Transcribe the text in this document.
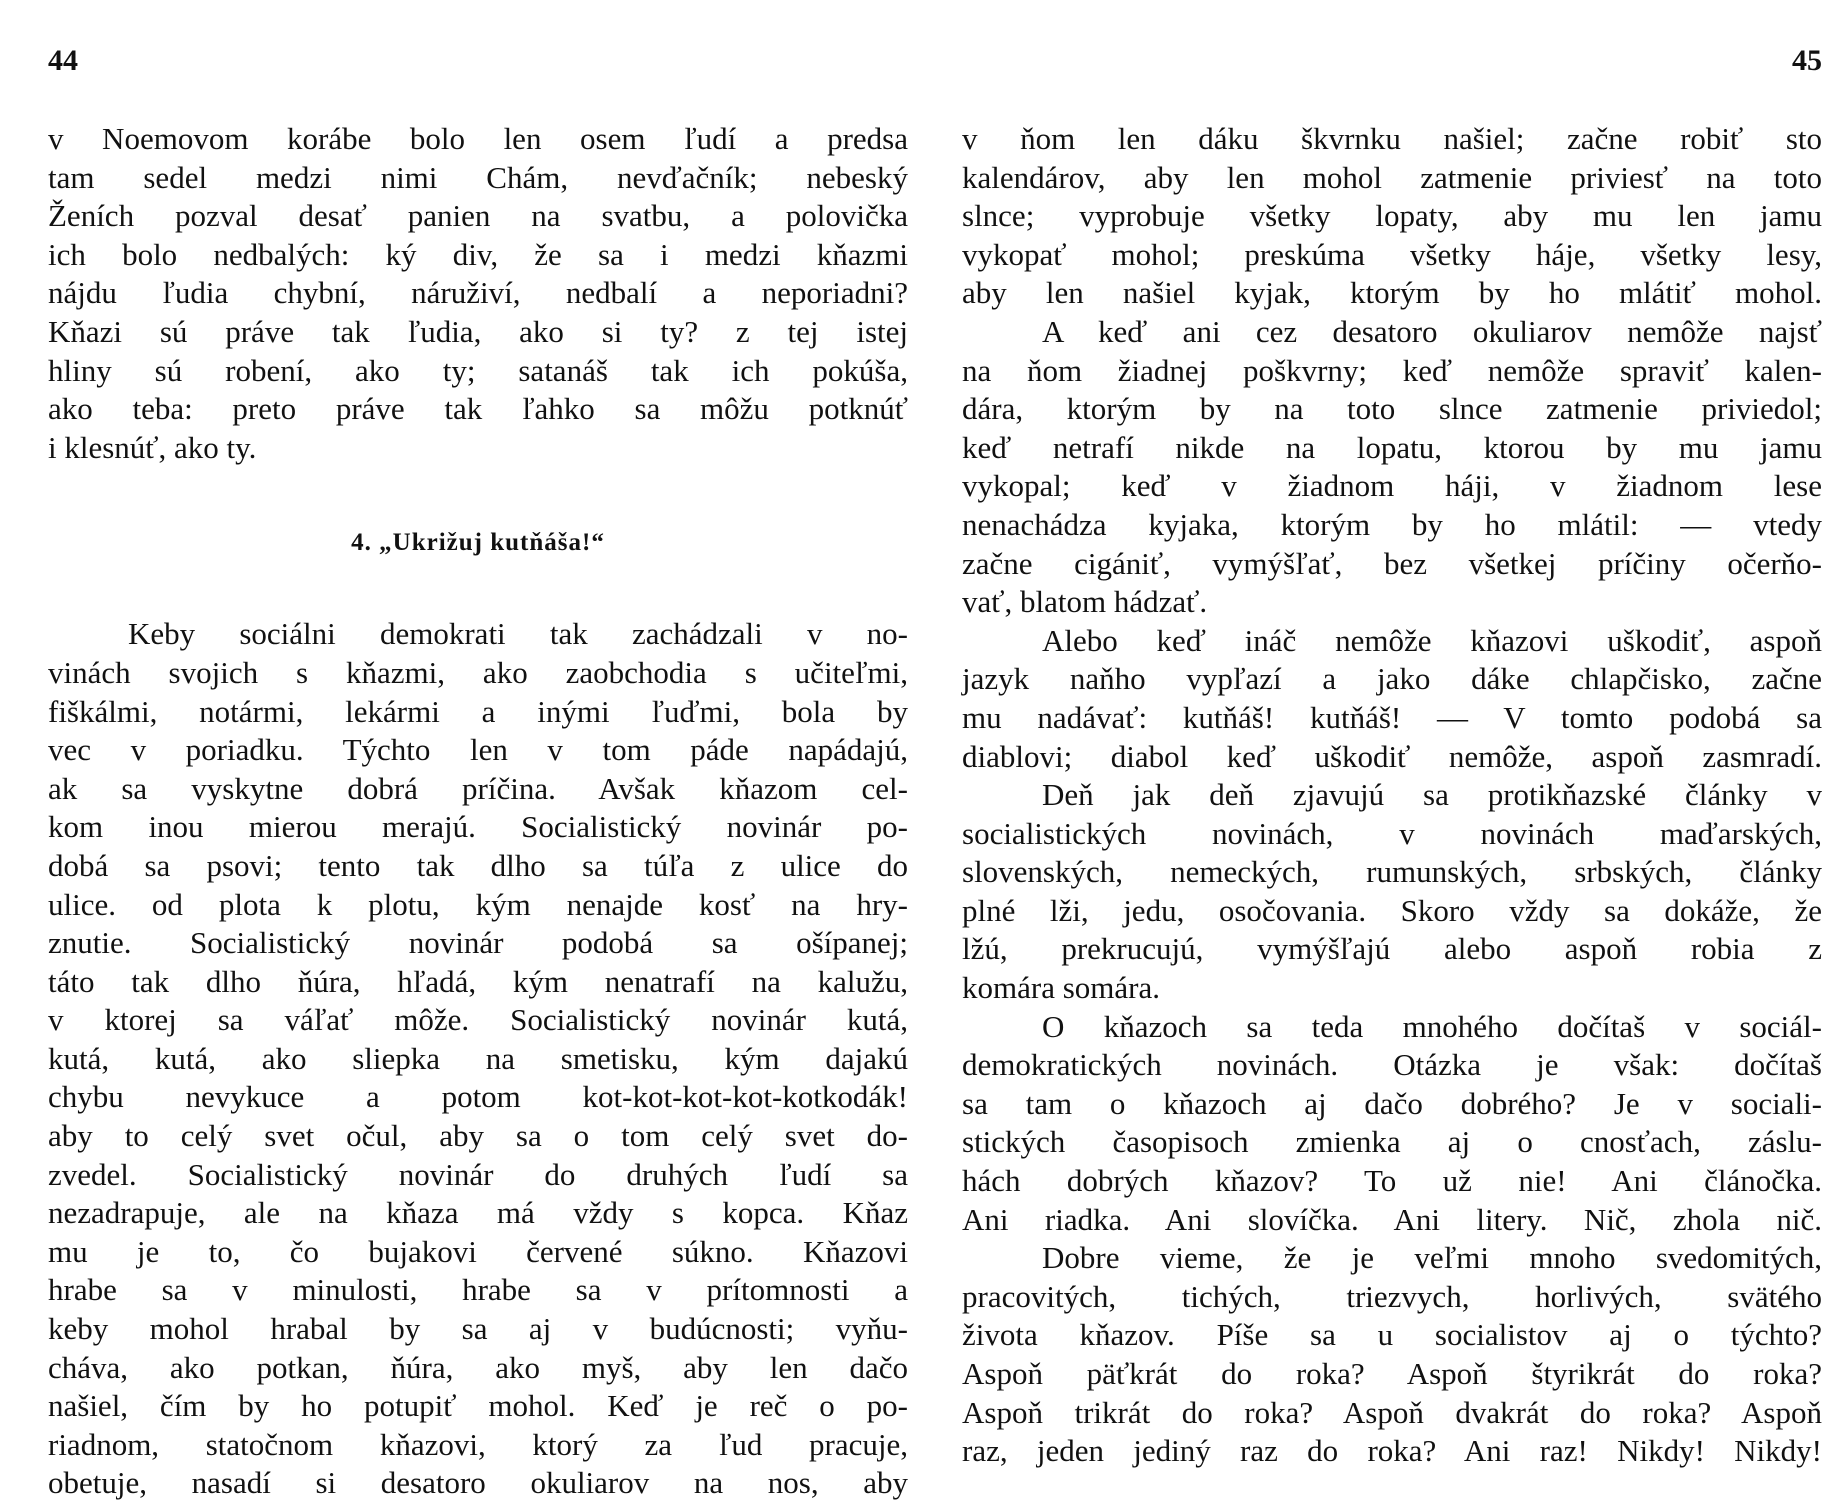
44
v Noemovom korábe bolo len osem ľudí a predsa
tam sedel medzi nimi Chám, nevďačník; nebeský
Ženích pozval desať panien na svatbu, a polovička
ich bolo nedbalých: ký div, že sa i medzi kňazmi
nájdu ľudia chybní, náruživí, nedbalí a neporiadni?
Kňazi sú práve tak ľudia, ako si ty? z tej istej
hliny sú robení, ako ty; satanáš tak ich pokúša,
ako teba: preto práve tak ľahko sa môžu potknúť
i klesnúť, ako ty.
4. „Ukrižuj kutňáša!“
Keby sociálni demokrati tak zachádzali v no-
vinách svojich s kňazmi, ako zaobchodia s učiteľmi,
fiškálmi, notármi, lekármi a inými ľuďmi, bola by
vec v poriadku. Týchto len v tom páde napádajú,
ak sa vyskytne dobrá príčina. Avšak kňazom cel-
kom inou mierou merajú. Socialistický novinár po-
dobá sa psovi; tento tak dlho sa túľa z ulice do
ulice. od plota k plotu, kým nenajde kosť na hry-
znutie. Socialistický novinár podobá sa ošípanej;
táto tak dlho ňúra, hľadá, kým nenatrafí na kalužu,
v ktorej sa váľať môže. Socialistický novinár kutá,
kutá, kutá, ako sliepka na smetisku, kým dajakú
chybu nevykuce a potom kot-kot-kot-kot-kotkodák!
aby to celý svet očul, aby sa o tom celý svet do-
zvedel. Socialistický novinár do druhých ľudí sa
nezadrapuje, ale na kňaza má vždy s kopca. Kňaz
mu je to, čo bujakovi červené súkno. Kňazovi
hrabe sa v minulosti, hrabe sa v prítomnosti a
keby mohol hrabal by sa aj v budúcnosti; vyňu-
cháva, ako potkan, ňúra, ako myš, aby len dačo
našiel, čím by ho potupiť mohol. Keď je reč o po-
riadnom, statočnom kňazovi, ktorý za ľud pracuje,
obetuje, nasadí si desatoro okuliarov na nos, aby
45
v ňom len dáku škvrnku našiel; začne robiť sto
kalendárov, aby len mohol zatmenie priviesť na toto
slnce; vyprobuje všetky lopaty, aby mu len jamu
vykopať mohol; preskúma všetky háje, všetky lesy,
aby len našiel kyjak, ktorým by ho mlátiť mohol.
A keď ani cez desatoro okuliarov nemôže najsť
na ňom žiadnej poškvrny; keď nemôže spraviť kalen-
dára, ktorým by na toto slnce zatmenie priviedol;
keď netrafí nikde na lopatu, ktorou by mu jamu
vykopal; keď v žiadnom háji, v žiadnom lese
nenachádza kyjaka, ktorým by ho mlátil: — vtedy
začne cigániť, vymýšľať, bez všetkej príčiny očerňo-
vať, blatom hádzať.
Alebo keď ináč nemôže kňazovi uškodiť, aspoň
jazyk naňho vypľazí a jako dáke chlapčisko, začne
mu nadávať: kutňáš! kutňáš! — V tomto podobá sa
diablovi; diabol keď uškodiť nemôže, aspoň zasmradí.
Deň jak deň zjavujú sa protikňazské články v
socialistických novinách, v novinách maďarských,
slovenských, nemeckých, rumunských, srbských, články
plné lži, jedu, osočovania. Skoro vždy sa dokáže, že
lžú, prekrucujú, vymýšľajú alebo aspoň robia z
komára somára.
O kňazoch sa teda mnohého dočítaš v sociál-
demokratických novinách. Otázka je však: dočítaš
sa tam o kňazoch aj dačo dobrého? Je v sociali-
stických časopisoch zmienka aj o cnosťach, záslu-
hách dobrých kňazov? To už nie! Ani článočka.
Ani riadka. Ani slovíčka. Ani litery. Nič, zhola nič.
Dobre vieme, že je veľmi mnoho svedomitých,
pracovitých, tichých, triezvych, horlivých, svätého
života kňazov. Píše sa u socialistov aj o týchto?
Aspoň päťkrát do roka? Aspoň štyrikrát do roka?
Aspoň trikrát do roka? Aspoň dvakrát do roka? Aspoň
raz, jeden jediný raz do roka? Ani raz! Nikdy! Nikdy!
